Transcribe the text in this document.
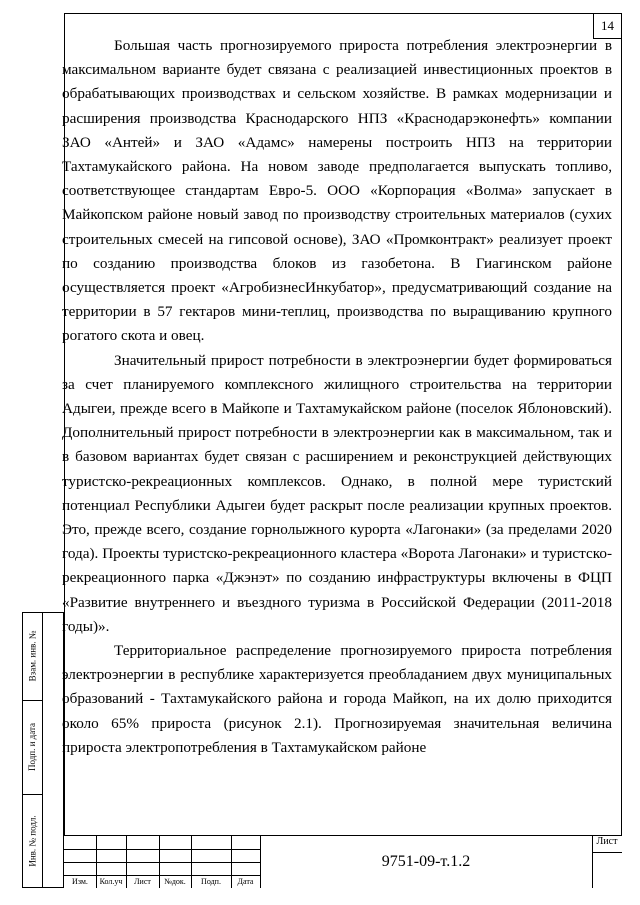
14

Большая часть прогнозируемого прироста потребления электроэнергии в максимальном варианте будет связана с реализацией инвестиционных проектов в обрабатывающих производствах и сельском хозяйстве. В рамках модернизации и расширения производства Краснодарского НПЗ «Краснодарэконефть» компании ЗАО «Антей» и ЗАО «Адамс» намерены построить НПЗ на территории Тахтамукайского района. На новом заводе предполагается выпускать топливо, соответствующее стандартам Евро-5. ООО «Корпорация «Волма» запускает в Майкопском районе новый завод по производству строительных материалов (сухих строительных смесей на гипсовой основе), ЗАО «Промконтракт» реализует проект по созданию производства блоков из газобетона. В Гиагинском районе осуществляется проект «АгробизнесИнкубатор», предусматривающий создание на территории в 57 гектаров мини-теплиц, производства по выращиванию крупного рогатого скота и овец.

Значительный прирост потребности в электроэнергии будет формироваться за счет планируемого комплексного жилищного строительства на территории Адыгеи, прежде всего в Майкопе и Тахтамукайском районе (поселок Яблоновский). Дополнительный прирост потребности в электроэнергии как в максимальном, так и в базовом вариантах будет связан с расширением и реконструкцией действующих туристско-рекреационных комплексов. Однако, в полной мере туристский потенциал Республики Адыгеи будет раскрыт после реализации крупных проектов. Это, прежде всего, создание горнолыжного курорта «Лагонаки» (за пределами 2020 года). Проекты туристско-рекреационного кластера «Ворота Лагонаки» и туристско-рекреационного парка «Джэнэт» по созданию инфраструктуры включены в ФЦП «Развитие внутреннего и въездного туризма в Российской Федерации (2011-2018 годы)».

Территориальное распределение прогнозируемого прироста потребления электроэнергии в республике характеризуется преобладанием двух муниципальных образований - Тахтамукайского района и города Майкоп, на их долю приходится около 65% прироста (рисунок 2.1). Прогнозируемая значительная величина прироста электропотребления в Тахтамукайском районе

Взам. инв. №
Подп. и дата
Инв. № подл.
Изм.	Кол.уч	Лист	№док.	Подп.	Дата
9751-09-т.1.2
Лист
